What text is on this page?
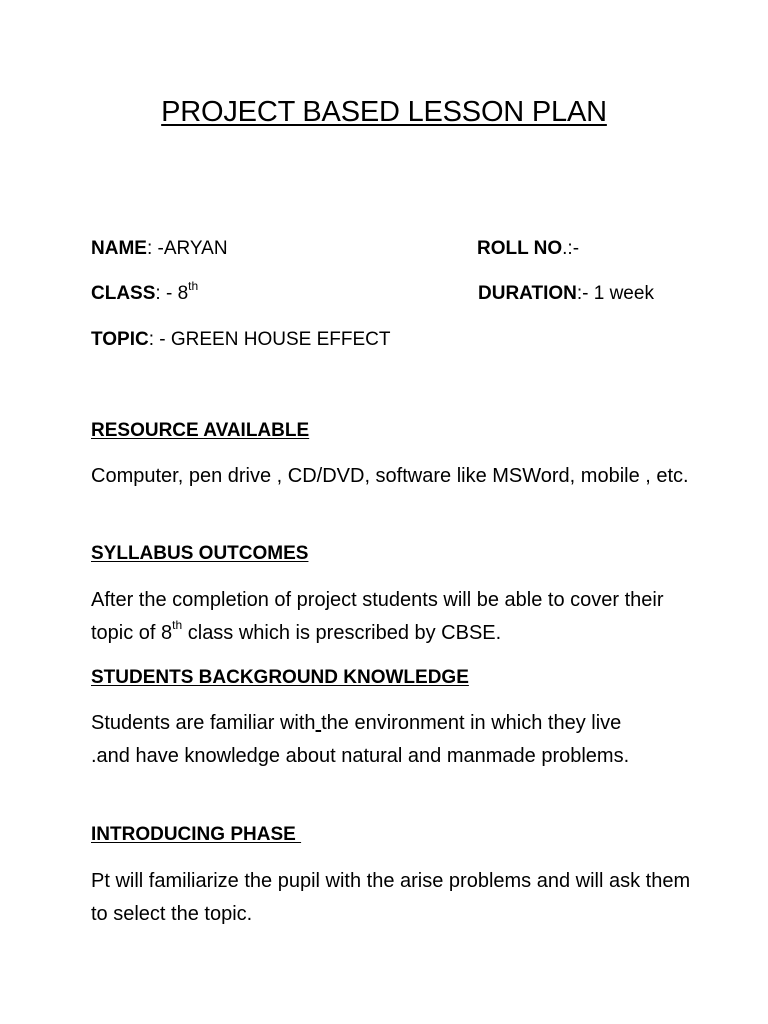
PROJECT BASED LESSON PLAN
NAME: -ARYAN	ROLL NO.:-
CLASS: - 8th	DURATION:- 1 week
TOPIC: - GREEN HOUSE EFFECT
RESOURCE AVAILABLE

Computer, pen drive , CD/DVD, software like MSWord, mobile , etc.

SYLLABUS OUTCOMES

After the completion of project students will be able to cover their topic of 8th class which is prescribed by CBSE.

STUDENTS BACKGROUND KNOWLEDGE

Students are familiar with the environment in which they live .and have knowledge about natural and manmade problems.

INTRODUCING PHASE

Pt will familiarize the pupil with the arise problems and will ask them to select the topic.
